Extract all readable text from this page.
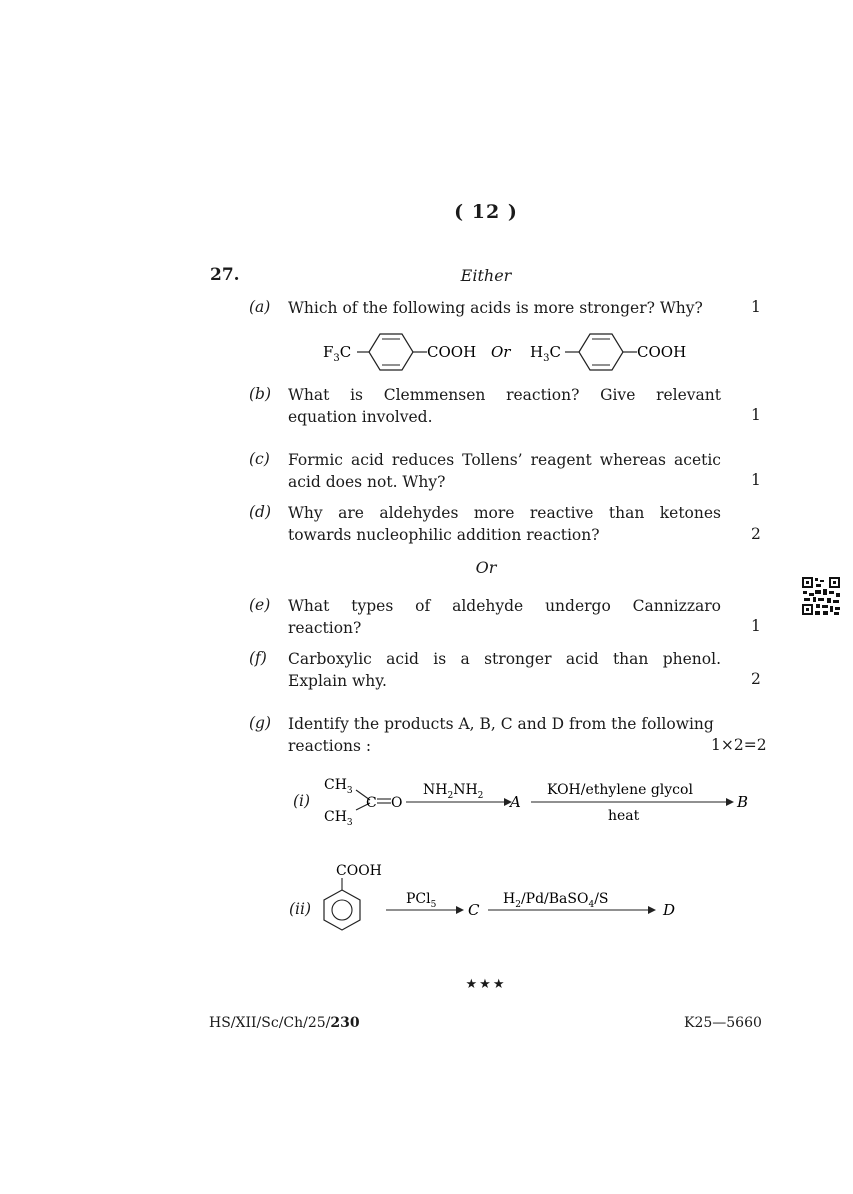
( 12 )
27.	Either
(a) Which of the following acids is more stronger? Why?	1
$F_3C$	COOH Or $H_3C$	COOH
(b) What is Clemmensen reaction? Give relevant
equation involved.	1
(c) Formic acid reduces Tollens’ reagent whereas acetic
acid does not. Why?	1
(d) Why are aldehydes more reactive than ketones
towards nucleophilic addition reaction?	2
Or
(e) What types of aldehyde undergo Cannizzaro
reaction?	1
(f) Carboxylic acid is a stronger acid than phenol.
Explain why.	2
(g) Identify the products A, B, C and D from the following
reactions :	1×2=2
(i)
$CH_3$
$CH_3$
C O
$NH_2NH_2$ A
KOH/ethylene glycol
heat
B
(ii)
COOH
PCl$_5$ C
$H_2/Pd/BaSO_4/S$
D
★★★
HS/XII/Sc/Ch/25/230	K25—5660
